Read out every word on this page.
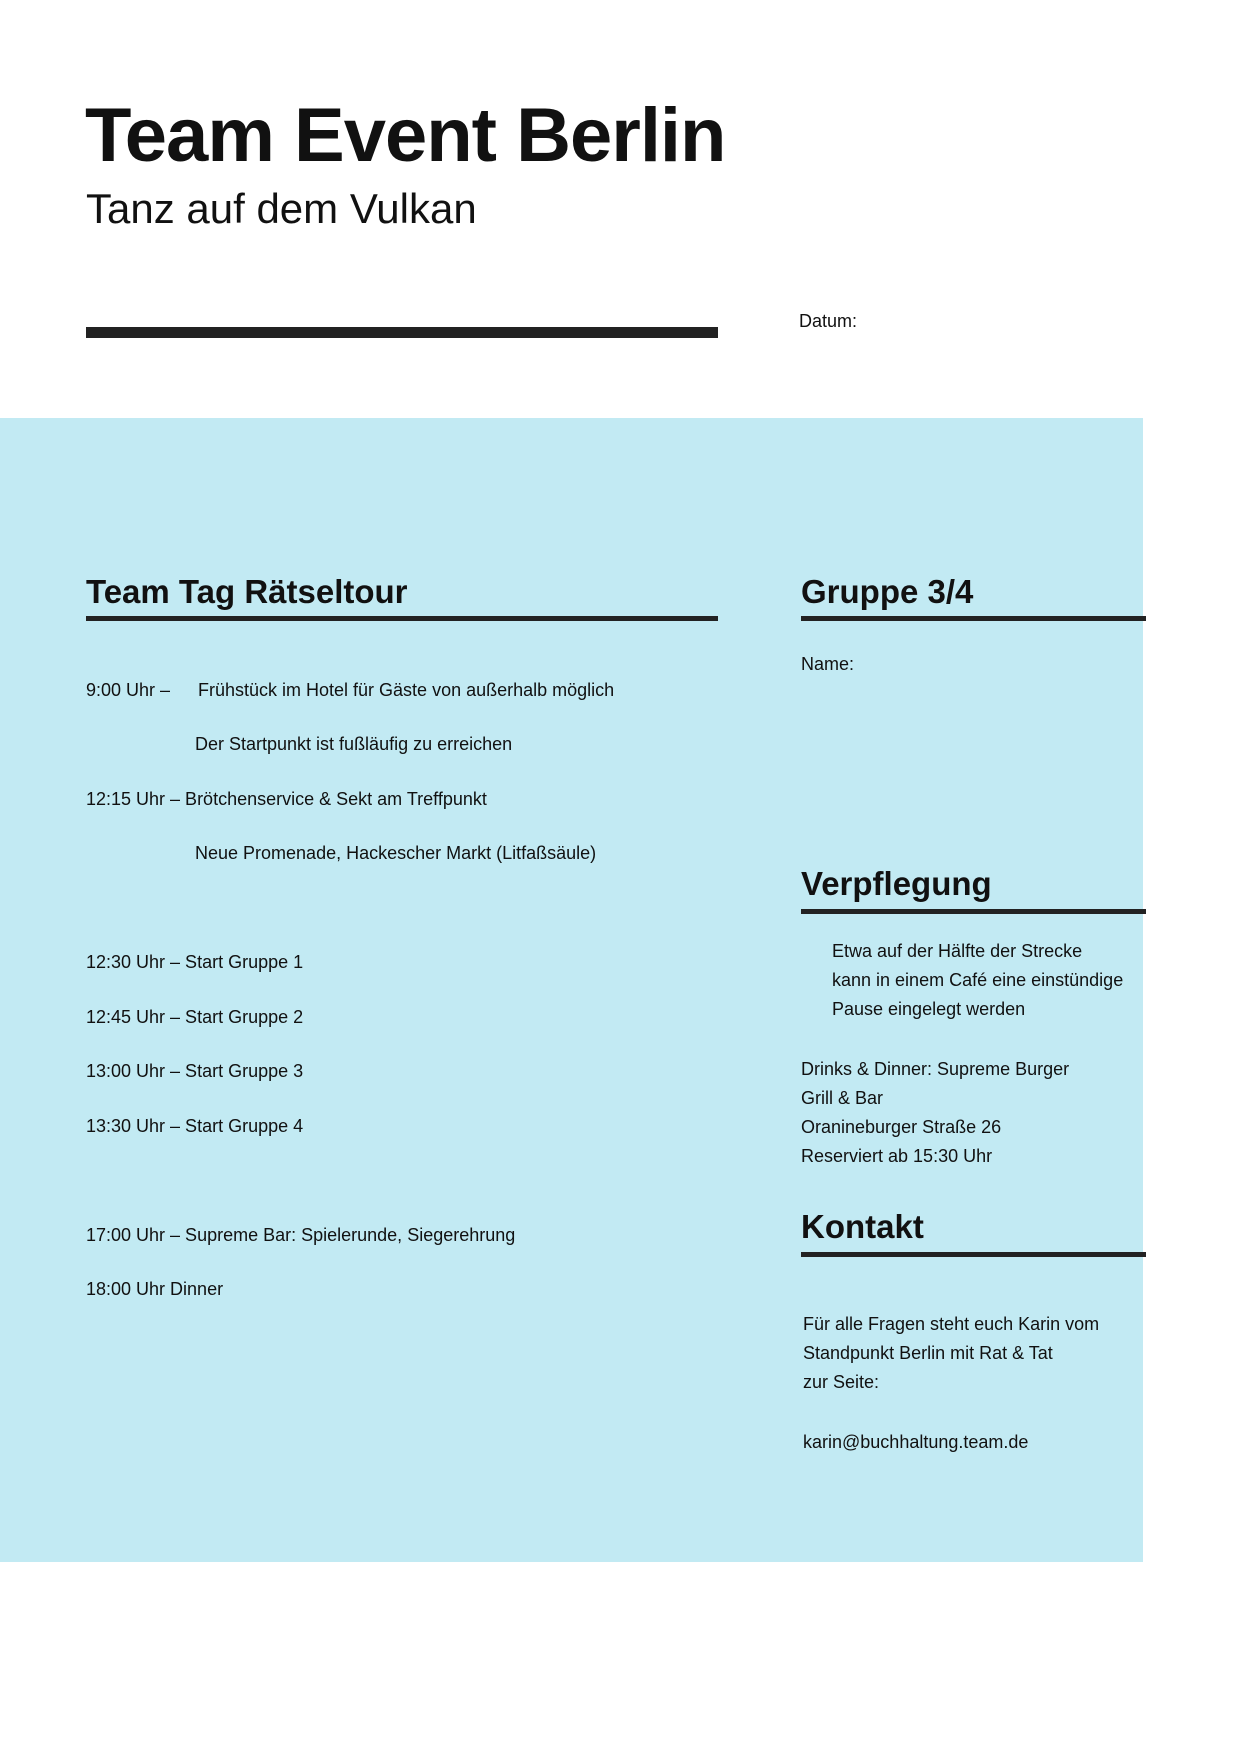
Team Event Berlin
Tanz auf dem Vulkan
Datum:
Team Tag Rätseltour
9:00 Uhr – Frühstück im Hotel für Gäste von außerhalb möglich
Der Startpunkt ist fußläufig zu erreichen
12:15 Uhr – Brötchenservice & Sekt am Treffpunkt
Neue Promenade, Hackescher Markt (Litfaßsäule)
12:30 Uhr – Start Gruppe 1
12:45 Uhr – Start Gruppe 2
13:00 Uhr – Start Gruppe 3
13:30 Uhr – Start Gruppe 4
17:00 Uhr – Supreme Bar: Spielerunde, Siegerehrung
18:00 Uhr Dinner
Gruppe 3/4
Name:
Verpflegung
Etwa auf der Hälfte der Strecke
kann in einem Café eine einstündige
Pause eingelegt werden
Drinks & Dinner: Supreme Burger
Grill & Bar
Oranineburger Straße 26
Reserviert ab 15:30 Uhr
Kontakt
Für alle Fragen steht euch Karin vom
Standpunkt Berlin mit Rat & Tat
zur Seite:
karin@buchhaltung.team.de
